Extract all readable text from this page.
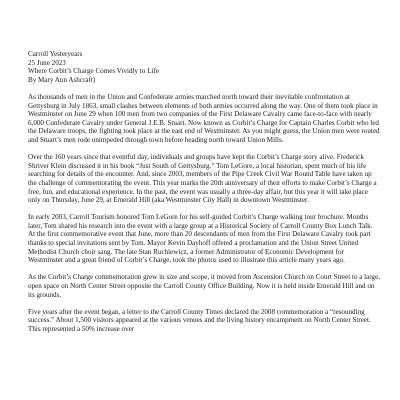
Carroll Yesteryears
25 June 2023
Where Corbit’s Charge Comes Vividly to Life
By Mary Ann Ashcraft)

As thousands of men in the Union and Confederate armies marched north toward their inevitable confrontation at Gettysburg in July 1863, small clashes between elements of both armies occurred along the way. One of them took place in Westminster on June 29 when 100 men from two companies of the First Delaware Cavalry came face-to-face with nearly 6,000 Confederate Cavalry under General J.E.B. Stuart. Now known as Corbit’s Charge for Captain Charles Corbit who led the Delaware troops, the fighting took place at the east end of Westminster. As you might guess, the Union men were routed and Stuart’s men rode unimpeded through town before heading north toward Union Mills.

Over the 160 years since that eventful day, individuals and groups have kept the Corbit’s Charge story alive. Frederick Shriver Klein discussed it in his book “Just South of Gettysburg.” Tom LeGore, a local historian, spent much of his life searching for details of the encounter. And, since 2003, members of the Pipe Creek Civil War Round Table have taken up the challenge of commemorating the event. This year marks the 20th anniversary of their efforts to make Corbit’s Charge a free, fun, and educational experience. In the past, the event was usually a three-day affair, but this year it will take place only on Thursday, June 29, at Emerald Hill (aka Westminster City Hall) in downtown Westminster.

In early 2003, Carroll Tourism honored Tom LeGore for his self-guided Corbit’s Charge walking tour brochure. Months later, Tom shared his research into the event with a large group at a Historical Society of Carroll County Box Lunch Talk. At the first commemorative event that June, more than 20 descendants of men from the First Delaware Cavalry took part thanks to special invitations sent by Tom. Mayor Kevin Dayhoff offered a proclamation and the Union Street United Methodist Church choir sang. The late Stan Ruchlewicz, a former Administrator of Economic Development for Westminster and a great friend of Corbit’s Charge, took the photos used to illustrate this article many years ago.

As the Corbit’s Charge commemoration grew in size and scope, it moved from Ascension Church on Court Street to a large, open space on North Center Street opposite the Carroll County Office Building. Now it is held inside Emerald Hill and on its grounds.

Five years after the event began, a letter to the Carroll County Times declared the 2008 commemoration a “resounding success.” About 1,500 visitors appeared at the various venues and the living history encampment on North Center Street. This represented a 50% increase over
